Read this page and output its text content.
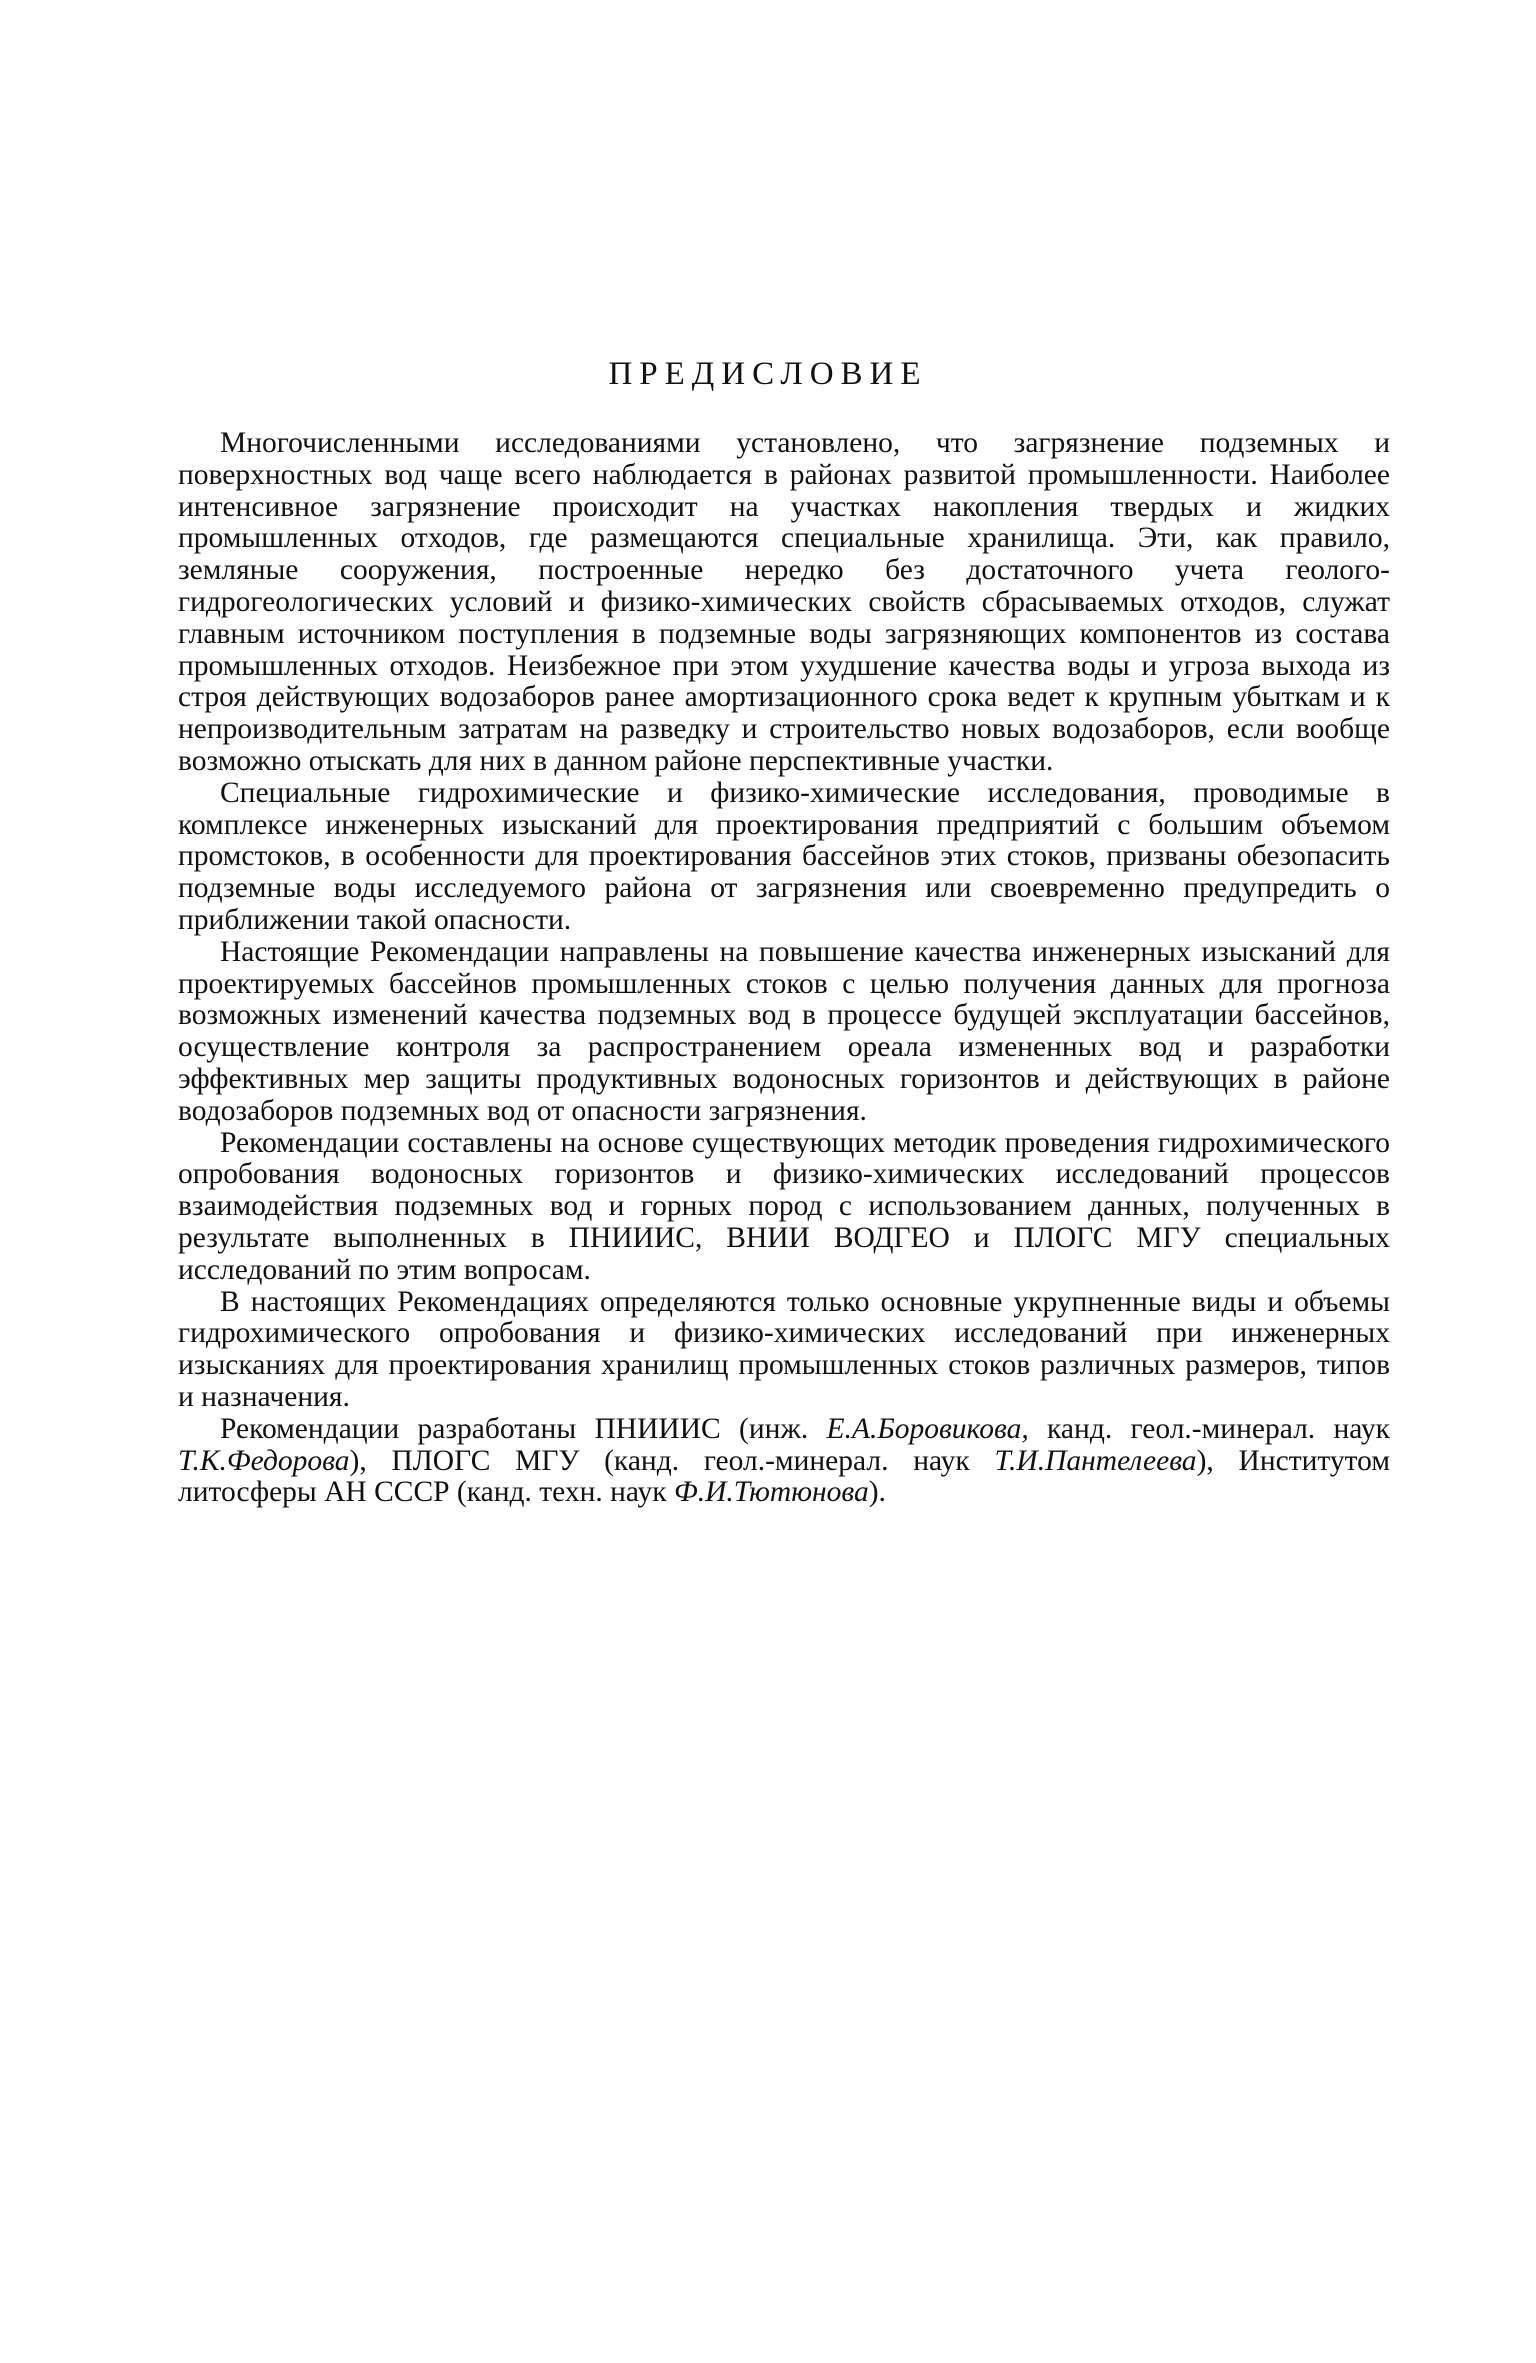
ПРЕДИСЛОВИЕ

Многочисленными исследованиями установлено, что загрязнение подземных и поверхностных вод чаще всего наблюдается в районах развитой промышленности. Наиболее интенсивное загрязнение происходит на участках накопления твердых и жидких промышленных отходов, где размещаются специальные хранилища. Эти, как правило, земляные сооружения, построенные нередко без достаточного учета геолого-гидрогеологических условий и физико-химических свойств сбрасываемых отходов, служат главным источником поступления в подземные воды загрязняющих компонентов из состава промышленных отходов. Неизбежное при этом ухудшение качества воды и угроза выхода из строя действующих водозаборов ранее амортизационного срока ведет к крупным убыткам и к непроизводительным затратам на разведку и строительство новых водозаборов, если вообще возможно отыскать для них в данном районе перспективные участки.

Специальные гидрохимические и физико-химические исследования, проводимые в комплексе инженерных изысканий для проектирования предприятий с большим объемом промстоков, в особенности для проектирования бассейнов этих стоков, призваны обезопасить подземные воды исследуемого района от загрязнения или своевременно предупредить о приближении такой опасности.

Настоящие Рекомендации направлены на повышение качества инженерных изысканий для проектируемых бассейнов промышленных стоков с целью получения данных для прогноза возможных изменений качества подземных вод в процессе будущей эксплуатации бассейнов, осуществление контроля за распространением ореала измененных вод и разработки эффективных мер защиты продуктивных водоносных горизонтов и действующих в районе водозаборов подземных вод от опасности загрязнения.

Рекомендации составлены на основе существующих методик проведения гидрохимического опробования водоносных горизонтов и физико-химических исследований процессов взаимодействия подземных вод и горных пород с использованием данных, полученных в результате выполненных в ПНИИИС, ВНИИ ВОДГЕО и ПЛОГС МГУ специальных исследований по этим вопросам.

В настоящих Рекомендациях определяются только основные укрупненные виды и объемы гидрохимического опробования и физико-химических исследований при инженерных изысканиях для проектирования хранилищ промышленных стоков различных размеров, типов и назначения.

Рекомендации разработаны ПНИИИС (инж. Е.А.Боровикова, канд. геол.-минерал. наук Т.К.Федорова), ПЛОГС МГУ (канд. геол.-минерал. наук Т.И.Пантелеева), Институтом литосферы АН СССР (канд. техн. наук Ф.И.Тютюнова).
